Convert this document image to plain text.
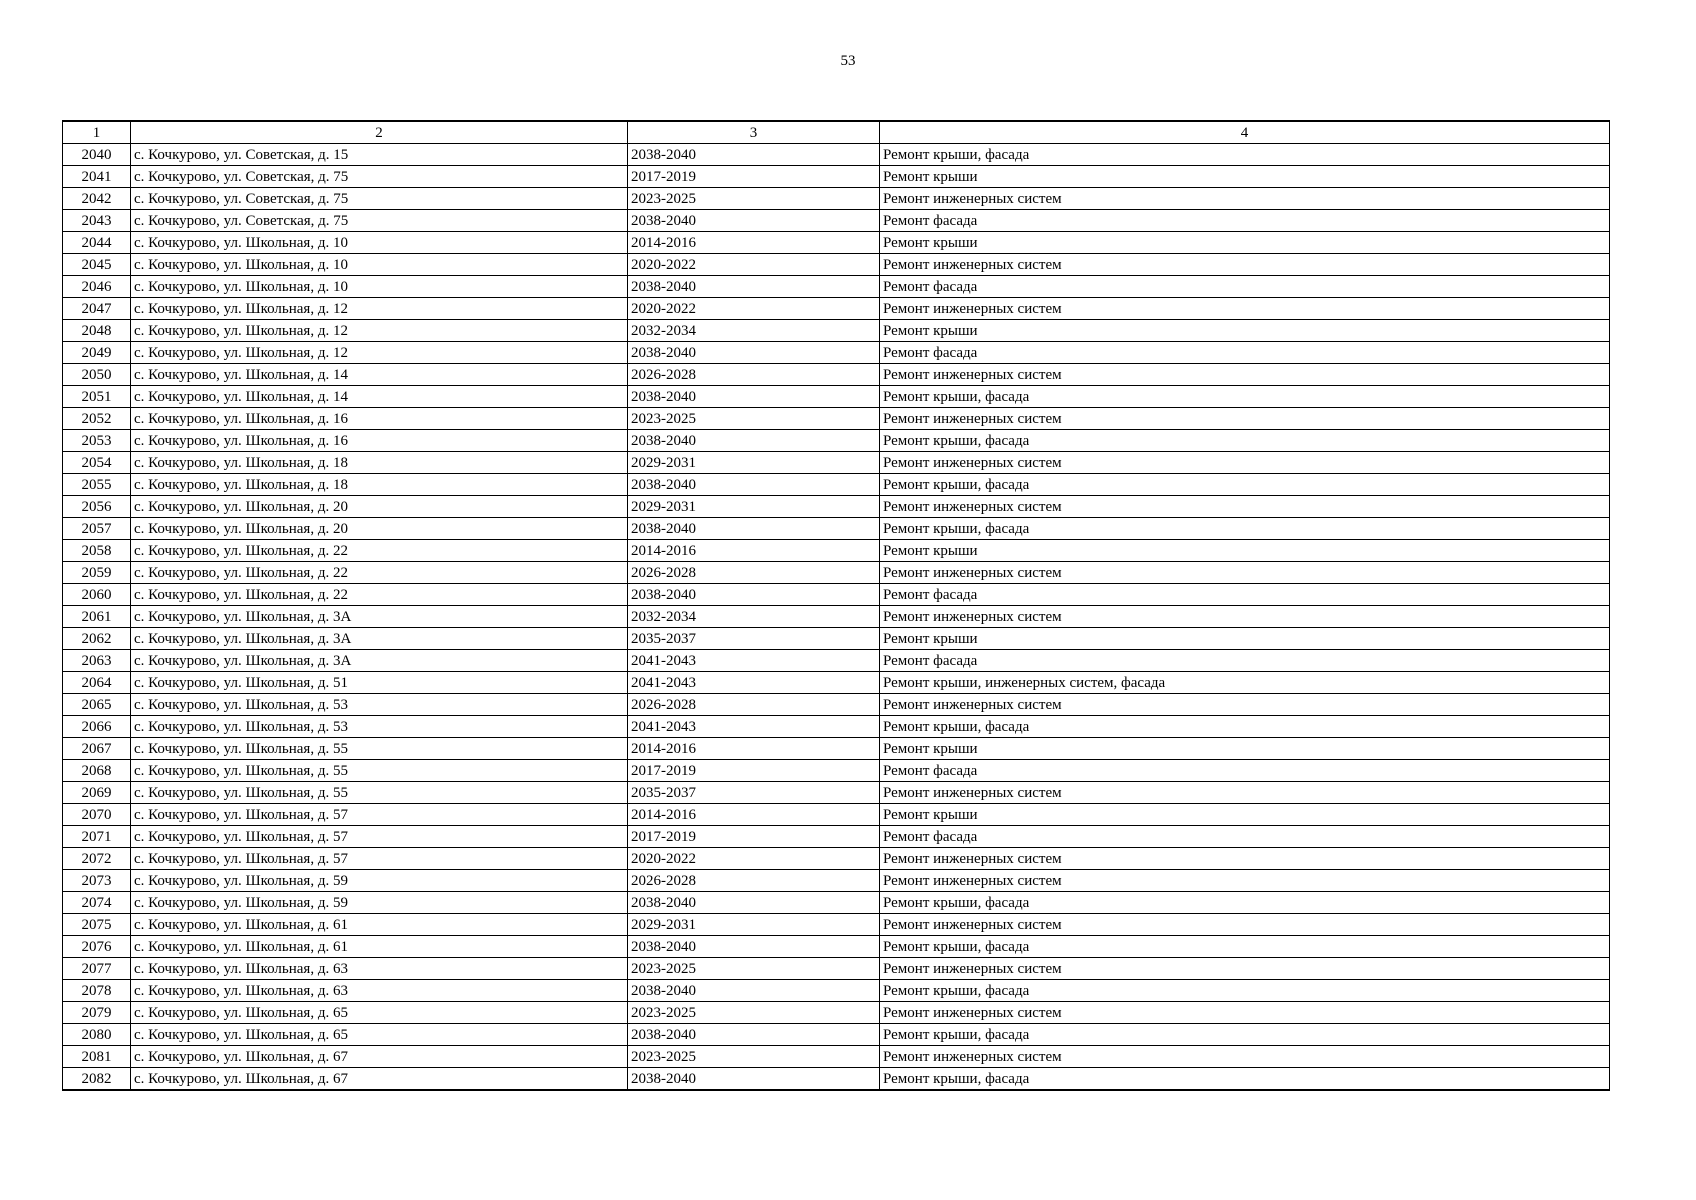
53
1	2	3	4
2040	с. Кочкурово, ул. Советская, д. 15	2038-2040	Ремонт крыши, фасада
2041	с. Кочкурово, ул. Советская, д. 75	2017-2019	Ремонт крыши
2042	с. Кочкурово, ул. Советская, д. 75	2023-2025	Ремонт инженерных систем
2043	с. Кочкурово, ул. Советская, д. 75	2038-2040	Ремонт фасада
2044	с. Кочкурово, ул. Школьная, д. 10	2014-2016	Ремонт крыши
2045	с. Кочкурово, ул. Школьная, д. 10	2020-2022	Ремонт инженерных систем
2046	с. Кочкурово, ул. Школьная, д. 10	2038-2040	Ремонт фасада
2047	с. Кочкурово, ул. Школьная, д. 12	2020-2022	Ремонт инженерных систем
2048	с. Кочкурово, ул. Школьная, д. 12	2032-2034	Ремонт крыши
2049	с. Кочкурово, ул. Школьная, д. 12	2038-2040	Ремонт фасада
2050	с. Кочкурово, ул. Школьная, д. 14	2026-2028	Ремонт инженерных систем
2051	с. Кочкурово, ул. Школьная, д. 14	2038-2040	Ремонт крыши, фасада
2052	с. Кочкурово, ул. Школьная, д. 16	2023-2025	Ремонт инженерных систем
2053	с. Кочкурово, ул. Школьная, д. 16	2038-2040	Ремонт крыши, фасада
2054	с. Кочкурово, ул. Школьная, д. 18	2029-2031	Ремонт инженерных систем
2055	с. Кочкурово, ул. Школьная, д. 18	2038-2040	Ремонт крыши, фасада
2056	с. Кочкурово, ул. Школьная, д. 20	2029-2031	Ремонт инженерных систем
2057	с. Кочкурово, ул. Школьная, д. 20	2038-2040	Ремонт крыши, фасада
2058	с. Кочкурово, ул. Школьная, д. 22	2014-2016	Ремонт крыши
2059	с. Кочкурово, ул. Школьная, д. 22	2026-2028	Ремонт инженерных систем
2060	с. Кочкурово, ул. Школьная, д. 22	2038-2040	Ремонт фасада
2061	с. Кочкурово, ул. Школьная, д. 3А	2032-2034	Ремонт инженерных систем
2062	с. Кочкурово, ул. Школьная, д. 3А	2035-2037	Ремонт крыши
2063	с. Кочкурово, ул. Школьная, д. 3А	2041-2043	Ремонт фасада
2064	с. Кочкурово, ул. Школьная, д. 51	2041-2043	Ремонт крыши, инженерных систем, фасада
2065	с. Кочкурово, ул. Школьная, д. 53	2026-2028	Ремонт инженерных систем
2066	с. Кочкурово, ул. Школьная, д. 53	2041-2043	Ремонт крыши, фасада
2067	с. Кочкурово, ул. Школьная, д. 55	2014-2016	Ремонт крыши
2068	с. Кочкурово, ул. Школьная, д. 55	2017-2019	Ремонт фасада
2069	с. Кочкурово, ул. Школьная, д. 55	2035-2037	Ремонт инженерных систем
2070	с. Кочкурово, ул. Школьная, д. 57	2014-2016	Ремонт крыши
2071	с. Кочкурово, ул. Школьная, д. 57	2017-2019	Ремонт фасада
2072	с. Кочкурово, ул. Школьная, д. 57	2020-2022	Ремонт инженерных систем
2073	с. Кочкурово, ул. Школьная, д. 59	2026-2028	Ремонт инженерных систем
2074	с. Кочкурово, ул. Школьная, д. 59	2038-2040	Ремонт крыши, фасада
2075	с. Кочкурово, ул. Школьная, д. 61	2029-2031	Ремонт инженерных систем
2076	с. Кочкурово, ул. Школьная, д. 61	2038-2040	Ремонт крыши, фасада
2077	с. Кочкурово, ул. Школьная, д. 63	2023-2025	Ремонт инженерных систем
2078	с. Кочкурово, ул. Школьная, д. 63	2038-2040	Ремонт крыши, фасада
2079	с. Кочкурово, ул. Школьная, д. 65	2023-2025	Ремонт инженерных систем
2080	с. Кочкурово, ул. Школьная, д. 65	2038-2040	Ремонт крыши, фасада
2081	с. Кочкурово, ул. Школьная, д. 67	2023-2025	Ремонт инженерных систем
2082	с. Кочкурово, ул. Школьная, д. 67	2038-2040	Ремонт крыши, фасада
